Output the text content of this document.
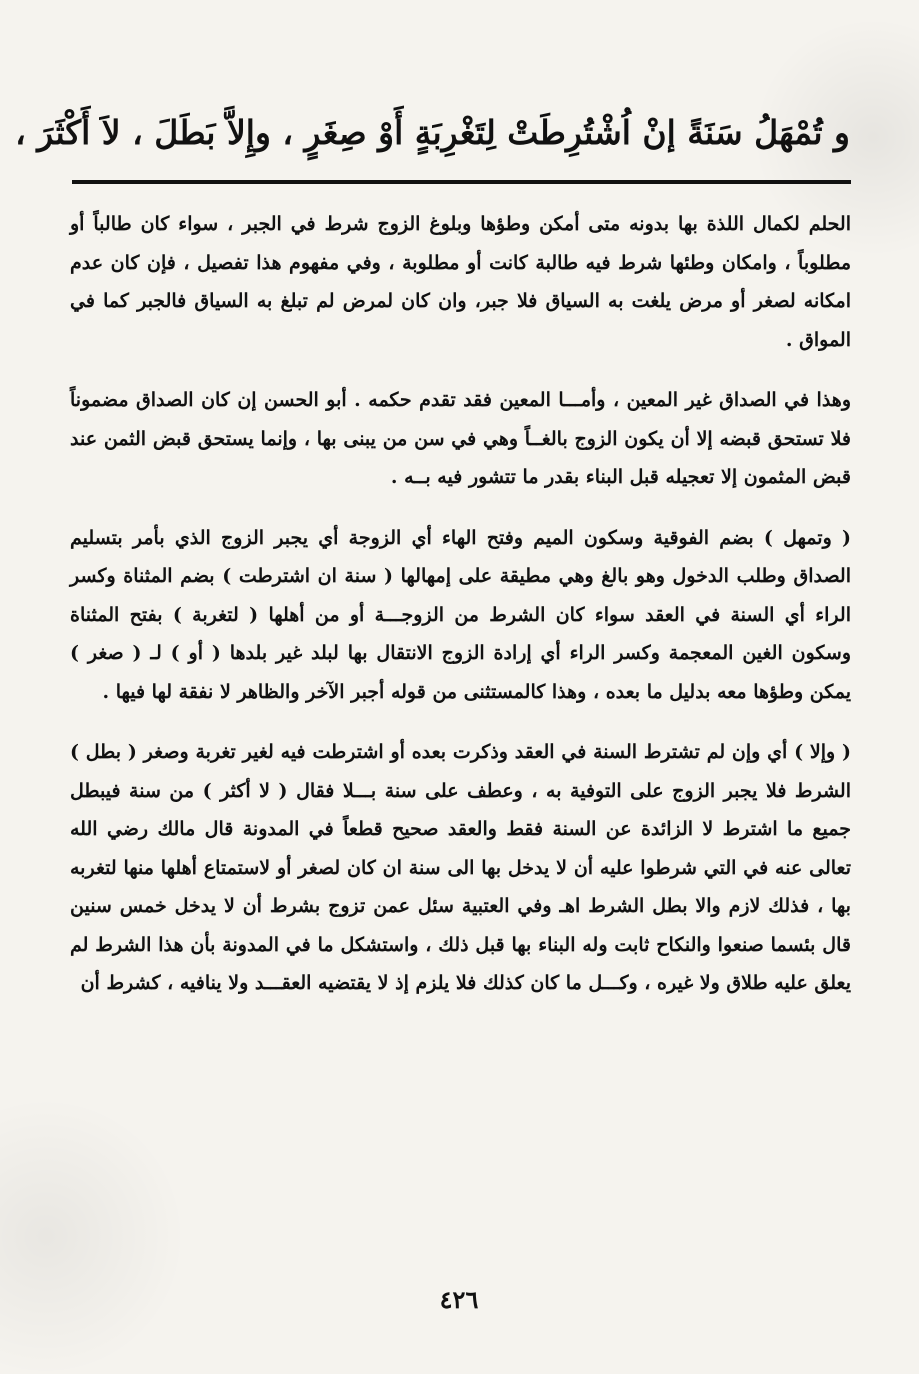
و تُمْهَلُ سَنَةً إنْ اُشْتُرِطَتْ لِتَغْرِبَةٍ أَوْ صِغَرٍ ، وإِلاَّ بَطَلَ ، لاَ أَكْثَرَ ،

الحلم لكمال اللذة بها بدونه متى أمكن وطؤها وبلوغ الزوج شرط في الجبر ، سواء كان طالباً أو مطلوباً ، وامكان وطئها شرط فيه طالبة كانت أو مطلوبة ، وفي مفهوم هذا تفصيل ، فإن كان عدم امكانه لصغر أو مرض يلغت به السياق فلا جبر، وان كان لمرض لم تبلغ به السياق فالجبر كما في المواق .

وهذا في الصداق غير المعين ، وأمـــا المعين فقد تقدم حكمه . أبو الحسن إن كان الصداق مضموناً فلا تستحق قبضه إلا أن يكون الزوج بالغــاً وهي في سن من يبنى بها ، وإنما يستحق قبض الثمن عند قبض المثمون إلا تعجيله قبل البناء بقدر ما تتشور فيه بــه .

( وتمهل ) بضم الفوقية وسكون الميم وفتح الهاء أي الزوجة أي يجبر الزوج الذي بأمر بتسليم الصداق وطلب الدخول وهو بالغ وهي مطيقة على إمهالها ( سنة ان اشترطت ) بضم المثناة وكسر الراء أي السنة في العقد سواء كان الشرط من الزوجـــة أو من أهلها ( لتغربة ) بفتح المثناة وسكون الغين المعجمة وكسر الراء أي إرادة الزوج الانتقال بها لبلد غير بلدها ( أو ) لـ ( صغر ) يمكن وطؤها معه بدليل ما بعده ، وهذا كالمستثنى من قوله أجبر الآخر والظاهر لا نفقة لها فيها .

( وإلا ) أي وإن لم تشترط السنة في العقد وذكرت بعده أو اشترطت فيه لغير تغربة وصغر ( بطل ) الشرط فلا يجبر الزوج على التوفية به ، وعطف على سنة بـــلا فقال ( لا أكثر ) من سنة فيبطل جميع ما اشترط لا الزائدة عن السنة فقط والعقد صحيح قطعاً في المدونة قال مالك رضي الله تعالى عنه في التي شرطوا عليه أن لا يدخل بها الى سنة ان كان لصغر أو لاستمتاع أهلها منها لتغربه بها ، فذلك لازم والا بطل الشرط اهـ وفي العتبية سئل عمن تزوج بشرط أن لا يدخل خمس سنين قال بئسما صنعوا والنكاح ثابت وله البناء بها قبل ذلك ، واستشكل ما في المدونة بأن هذا الشرط لم يعلق عليه طلاق ولا غيره ، وكـــل ما كان كذلك فلا يلزم إذ لا يقتضيه العقـــد ولا ينافيه ، كشرط أن

٤٢٦
